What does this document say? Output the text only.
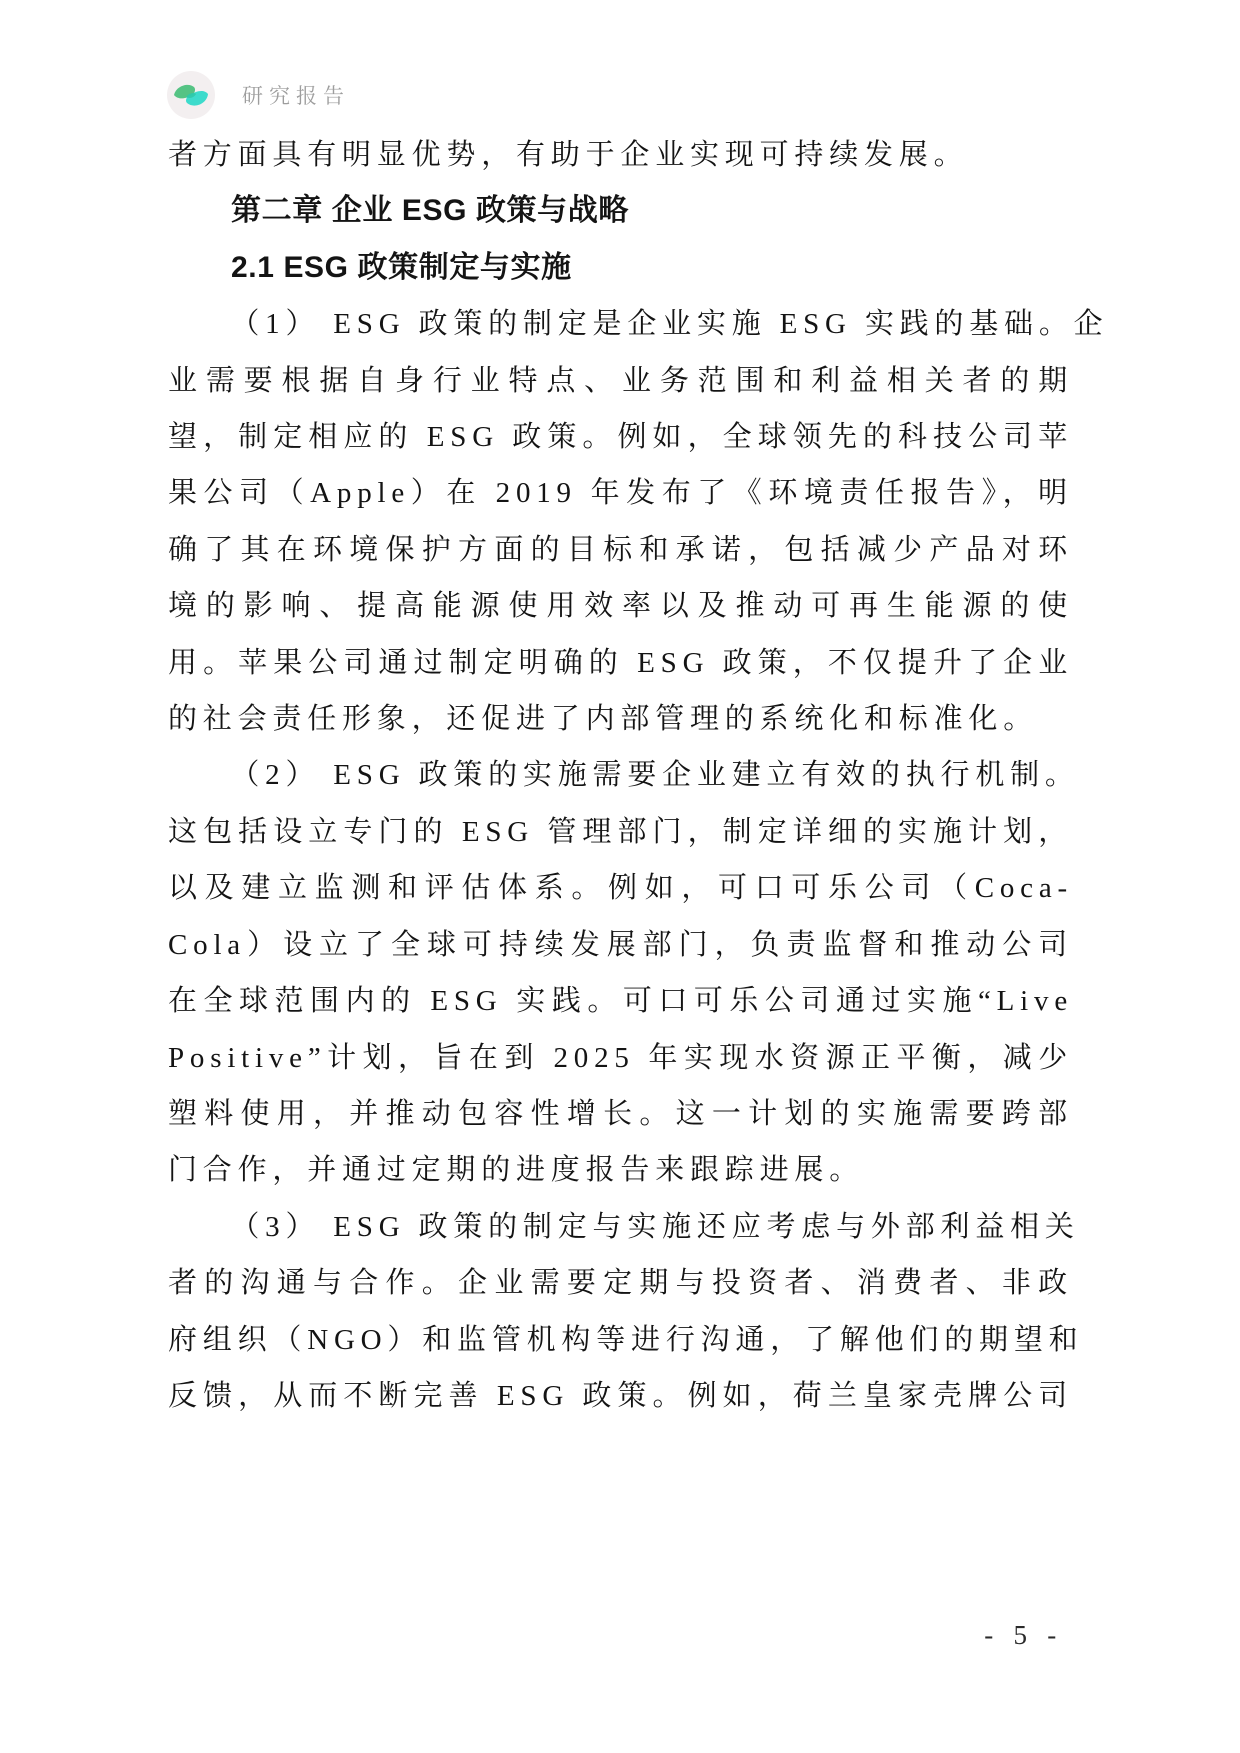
研究报告
者方面具有明显优势，有助于企业实现可持续发展。
第二章 企业 ESG 政策与战略
2.1 ESG 政策制定与实施
（1） ESG 政策的制定是企业实施 ESG 实践的基础。企
业需要根据自身行业特点、业务范围和利益相关者的期
望，制定相应的 ESG 政策。例如，全球领先的科技公司苹
果公司（Apple）在 2019 年发布了《环境责任报告》，明
确了其在环境保护方面的目标和承诺，包括减少产品对环
境的影响、提高能源使用效率以及推动可再生能源的使
用。苹果公司通过制定明确的 ESG 政策，不仅提升了企业
的社会责任形象，还促进了内部管理的系统化和标准化。
（2） ESG 政策的实施需要企业建立有效的执行机制。
这包括设立专门的 ESG 管理部门，制定详细的实施计划，
以及建立监测和评估体系。例如，可口可乐公司（Coca-
Cola）设立了全球可持续发展部门，负责监督和推动公司
在全球范围内的 ESG 实践。可口可乐公司通过实施“Live
Positive”计划，旨在到 2025 年实现水资源正平衡，减少
塑料使用，并推动包容性增长。这一计划的实施需要跨部
门合作，并通过定期的进度报告来跟踪进展。
（3） ESG 政策的制定与实施还应考虑与外部利益相关
者的沟通与合作。企业需要定期与投资者、消费者、非政
府组织（NGO）和监管机构等进行沟通，了解他们的期望和
反馈，从而不断完善 ESG 政策。例如，荷兰皇家壳牌公司
- 5 -
